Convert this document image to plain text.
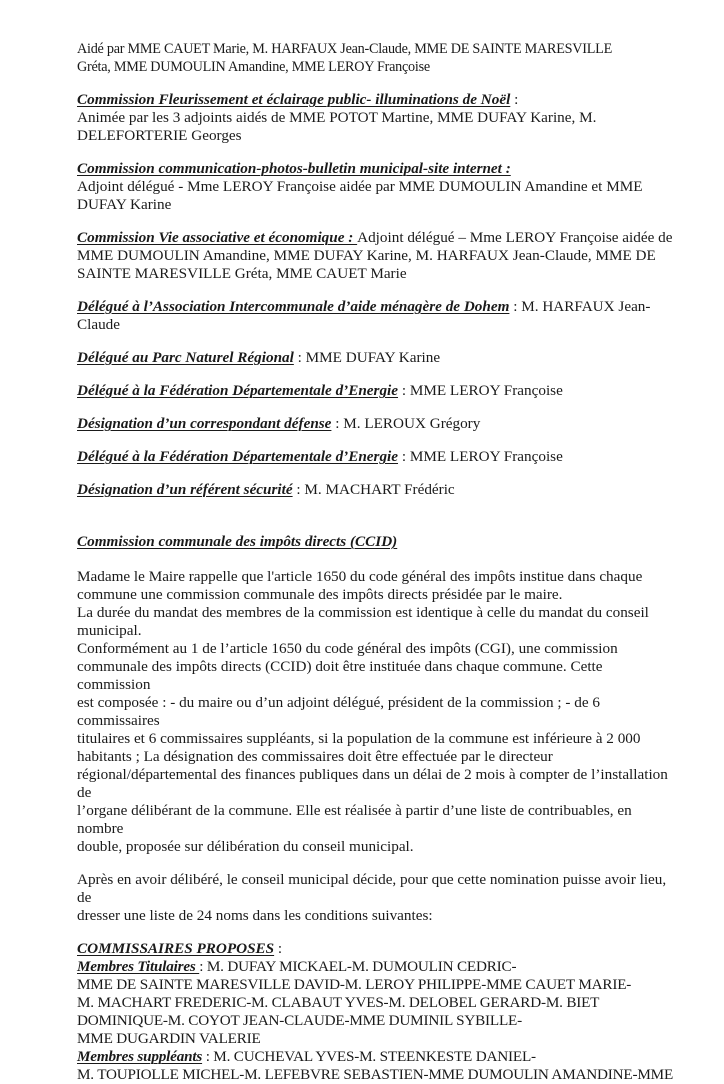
Aidé par MME CAUET Marie, M. HARFAUX Jean-Claude, MME DE SAINTE MARESVILLE

Gréta, MME DUMOULIN Amandine, MME LEROY Françoise

Commission Fleurissement et éclairage public- illuminations de Noël :

Animée par les 3 adjoints aidés de MME POTOT Martine, MME DUFAY Karine, M.

DELEFORTERIE Georges

Commission communication-photos-bulletin municipal-site internet :

Adjoint délégué - Mme LEROY Françoise aidée par MME DUMOULIN Amandine et MME

DUFAY Karine

Commission Vie associative et économique : Adjoint délégué – Mme LEROY Françoise aidée de

MME DUMOULIN Amandine, MME DUFAY Karine, M. HARFAUX Jean-Claude, MME DE

SAINTE MARESVILLE Gréta, MME CAUET Marie

Délégué à l’Association Intercommunale d’aide ménagère de Dohem : M. HARFAUX Jean-

Claude

Délégué au Parc Naturel Régional : MME DUFAY Karine

Délégué à la Fédération Départementale d’Energie : MME LEROY Françoise

Désignation d’un correspondant défense : M. LEROUX Grégory

Délégué à la Fédération Départementale d’Energie : MME LEROY Françoise

Désignation d’un référent sécurité : M. MACHART Frédéric

Commission communale des impôts directs (CCID)

Madame le Maire rappelle que l'article 1650 du code général des impôts institue dans chaque

commune une commission communale des impôts directs présidée par le maire.

La durée du mandat des membres de la commission est identique à celle du mandat du conseil

municipal.

Conformément au 1 de l’article 1650 du code général des impôts (CGI), une commission

communale des impôts directs (CCID) doit être instituée dans chaque commune. Cette commission

est composée : - du maire ou d’un adjoint délégué, président de la commission ; - de 6 commissaires

titulaires et 6 commissaires suppléants, si la population de la commune est inférieure à 2 000

habitants ; La désignation des commissaires doit être effectuée par le directeur

régional/départemental des finances publiques dans un délai de 2 mois à compter de l’installation de

l’organe délibérant de la commune. Elle est réalisée à partir d’une liste de contribuables, en nombre

double, proposée sur délibération du conseil municipal.

Après en avoir délibéré, le conseil municipal décide, pour que cette nomination puisse avoir lieu, de

dresser une liste de 24 noms dans les conditions suivantes:

COMMISSAIRES PROPOSES :

Membres Titulaires : M. DUFAY MICKAEL-M. DUMOULIN CEDRIC-

MME DE SAINTE MARESVILLE DAVID-M. LEROY PHILIPPE-MME CAUET MARIE-

M. MACHART FREDERIC-M. CLABAUT YVES-M. DELOBEL GERARD-M. BIET

DOMINIQUE-M. COYOT JEAN-CLAUDE-MME DUMINIL SYBILLE-

MME DUGARDIN VALERIE

Membres suppléants : M. CUCHEVAL YVES-M. STEENKESTE DANIEL-

M. TOUPIOLLE MICHEL-M. LEFEBVRE SEBASTIEN-MME DUMOULIN AMANDINE-MME
